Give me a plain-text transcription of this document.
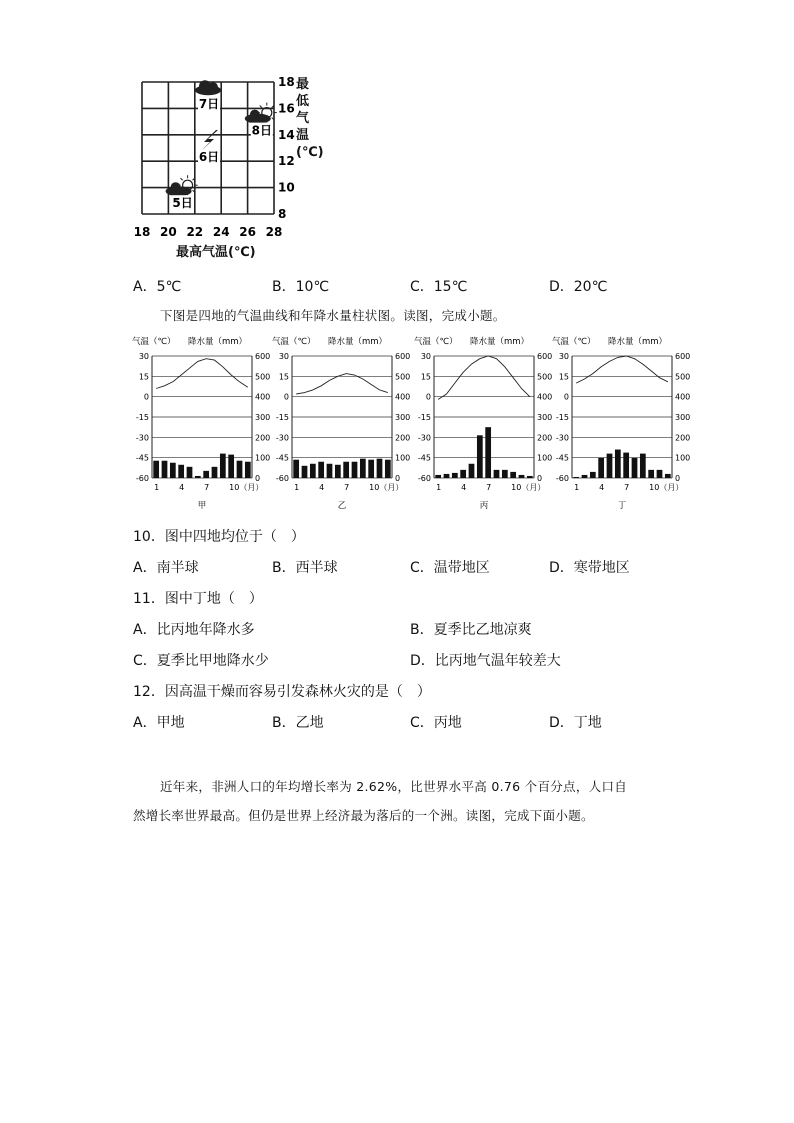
18
16
14
12
10
8
18 20 22 24 26 28
7日
8日
6日
5日
最高气温(℃)
最低气温(℃)
A．5℃	B．10℃	C．15℃	D．20℃
下图是四地的气温曲线和年降水量柱状图。读图，完成小题。
气温（℃） 降水量（mm）
30	600
15	500
0	400
-15	300
-30	200
-45	100
-60	0
1 4 7 10（月）
甲
气温（℃） 降水量（mm）
30	600
15	500
0	400
-15	300
-30	200
-45	100
-60	0
1 4 7 10（月）
乙
气温（℃） 降水量（mm）
30	600
15	500
0	400
-15	300
-30	200
-45	100
-60	0
1 4 7 10（月）
丙
气温（℃） 降水量（mm）
30	600
15	500
0	400
-15	300
-30	200
-45	100
-60	0
1 4 7 10（月）
丁
10．图中四地均位于（　）
A．南半球	B．西半球	C．温带地区	D．寒带地区
11．图中丁地（　）
A．比丙地年降水多	B．夏季比乙地凉爽
C．夏季比甲地降水少	D．比丙地气温年较差大
12．因高温干燥而容易引发森林火灾的是（　）
A．甲地	B．乙地	C．丙地	D．丁地
近年来，非洲人口的年均增长率为 2.62%，比世界水平高 0.76 个百分点，人口自
然增长率世界最高。但仍是世界上经济最为落后的一个洲。读图，完成下面小题。
